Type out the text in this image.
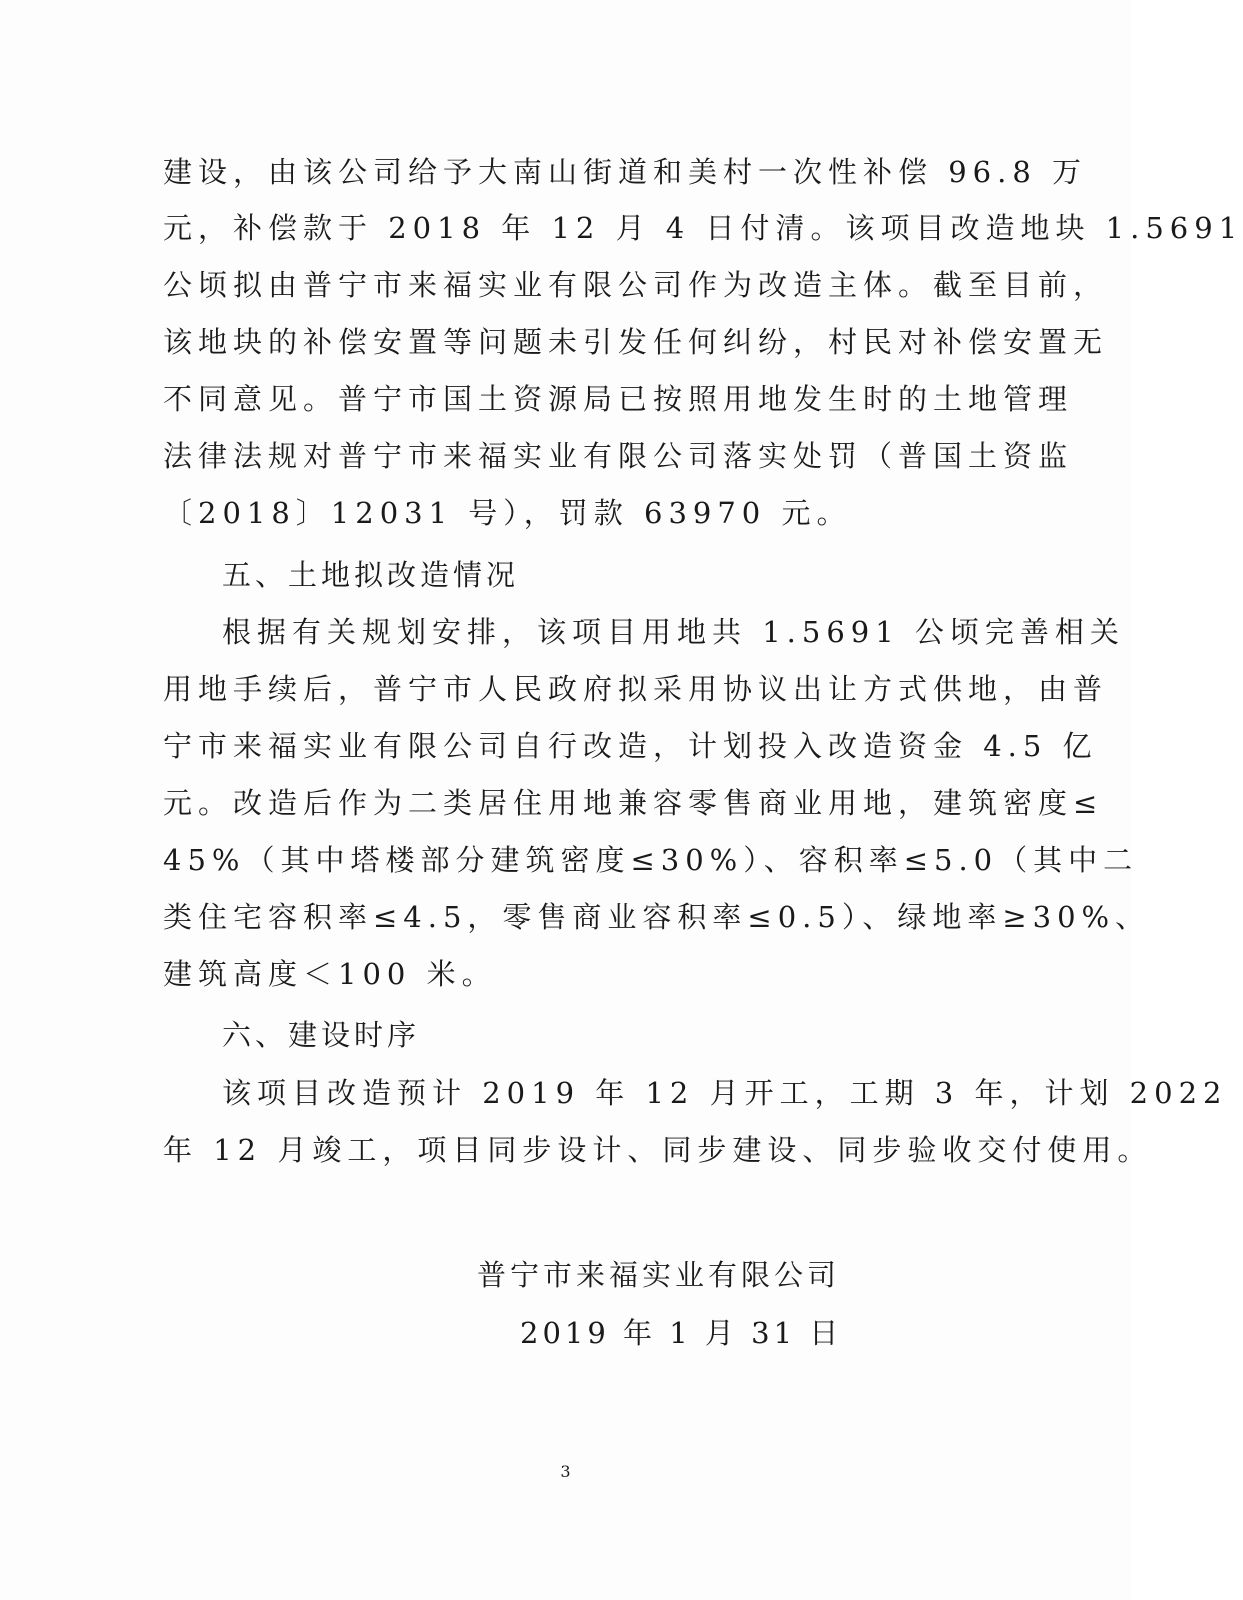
建设，由该公司给予大南山街道和美村一次性补偿 96.8 万
元，补偿款于 2018 年 12 月 4 日付清。该项目改造地块 1.5691
公顷拟由普宁市来福实业有限公司作为改造主体。截至目前，
该地块的补偿安置等问题未引发任何纠纷，村民对补偿安置无
不同意见。普宁市国土资源局已按照用地发生时的土地管理
法律法规对普宁市来福实业有限公司落实处罚（普国土资监
〔2018〕12031 号），罚款 63970 元。
五、土地拟改造情况
根据有关规划安排，该项目用地共 1.5691 公顷完善相关
用地手续后，普宁市人民政府拟采用协议出让方式供地，由普
宁市来福实业有限公司自行改造，计划投入改造资金 4.5 亿
元。改造后作为二类居住用地兼容零售商业用地，建筑密度≤
45%（其中塔楼部分建筑密度≤30%）、容积率≤5.0（其中二
类住宅容积率≤4.5，零售商业容积率≤0.5）、绿地率≥30%、
建筑高度＜100 米。
六、建设时序
该项目改造预计 2019 年 12 月开工，工期 3 年，计划 2022
年 12 月竣工，项目同步设计、同步建设、同步验收交付使用。
普宁市来福实业有限公司
2019 年 1 月 31 日
3
